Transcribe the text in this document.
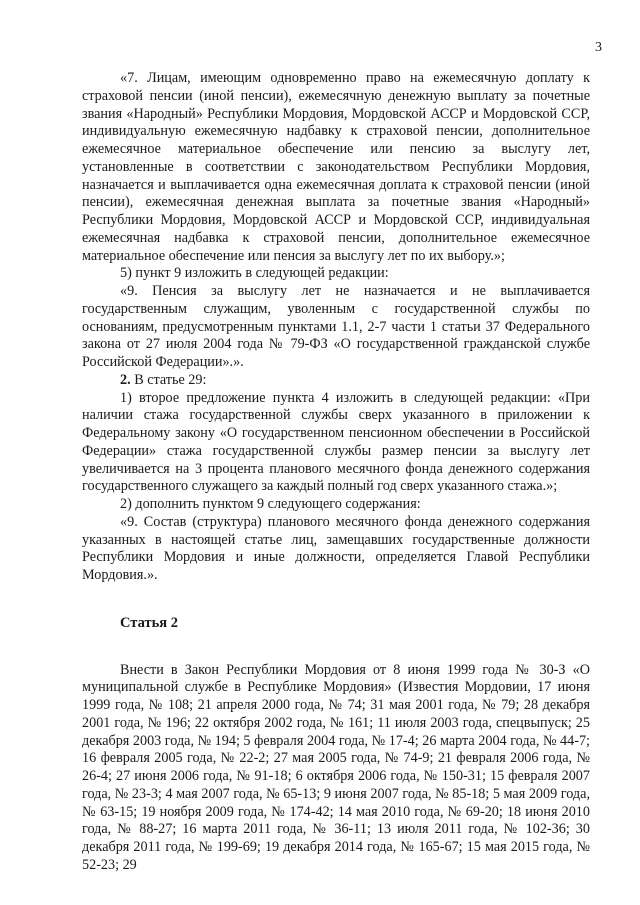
3

«7. Лицам, имеющим одновременно право на ежемесячную доплату к страховой пенсии (иной пенсии), ежемесячную денежную выплату за почетные звания «Народный» Республики Мордовия, Мордовской АССР и Мордовской ССР, индивидуальную ежемесячную надбавку к страховой пенсии, дополнительное ежемесячное материальное обеспечение или пенсию за выслугу лет, установленные в соответствии с законодательством Республики Мордовия, назначается и выплачивается одна ежемесячная доплата к страховой пенсии (иной пенсии), ежемесячная денежная выплата за почетные звания «Народный» Республики Мордовия, Мордовской АССР и Мордовской ССР, индивидуальная ежемесячная надбавка к страховой пенсии, дополнительное ежемесячное материальное обеспечение или пенсия за выслугу лет по их выбору.»;

5) пункт 9 изложить в следующей редакции:

«9. Пенсия за выслугу лет не назначается и не выплачивается государственным служащим, уволенным с государственной службы по основаниям, предусмотренным пунктами 1.1, 2-7 части 1 статьи 37 Федерального закона от 27 июля 2004 года № 79-ФЗ «О государственной гражданской службе Российской Федерации».».

2. В статье 29:

1) второе предложение пункта 4 изложить в следующей редакции: «При наличии стажа государственной службы сверх указанного в приложении к Федеральному закону «О государственном пенсионном обеспечении в Российской Федерации» стажа государственной службы размер пенсии за выслугу лет увеличивается на 3 процента планового месячного фонда денежного содержания государственного служащего за каждый полный год сверх указанного стажа.»;

2) дополнить пунктом 9 следующего содержания:

«9. Состав (структура) планового месячного фонда денежного содержания указанных в настоящей статье лиц, замещавших государственные должности Республики Мордовия и иные должности, определяется Главой Республики Мордовия.».

Статья 2

Внести в Закон Республики Мордовия от 8 июня 1999 года № 30-З «О муниципальной службе в Республике Мордовия» (Известия Мордовии, 17 июня 1999 года, № 108; 21 апреля 2000 года, № 74; 31 мая 2001 года, № 79; 28 декабря 2001 года, № 196; 22 октября 2002 года, № 161; 11 июля 2003 года, спецвыпуск; 25 декабря 2003 года, № 194; 5 февраля 2004 года, № 17-4; 26 марта 2004 года, № 44-7; 16 февраля 2005 года, № 22-2; 27 мая 2005 года, № 74-9; 21 февраля 2006 года, № 26-4; 27 июня 2006 года, № 91-18; 6 октября 2006 года, № 150-31; 15 февраля 2007 года, № 23-3; 4 мая 2007 года, № 65-13; 9 июня 2007 года, № 85-18; 5 мая 2009 года, № 63-15; 19 ноября 2009 года, № 174-42; 14 мая 2010 года, № 69-20; 18 июня 2010 года, № 88-27; 16 марта 2011 года, № 36-11; 13 июля 2011 года, № 102-36; 30 декабря 2011 года, № 199-69; 19 декабря 2014 года, № 165-67; 15 мая 2015 года, № 52-23; 29
